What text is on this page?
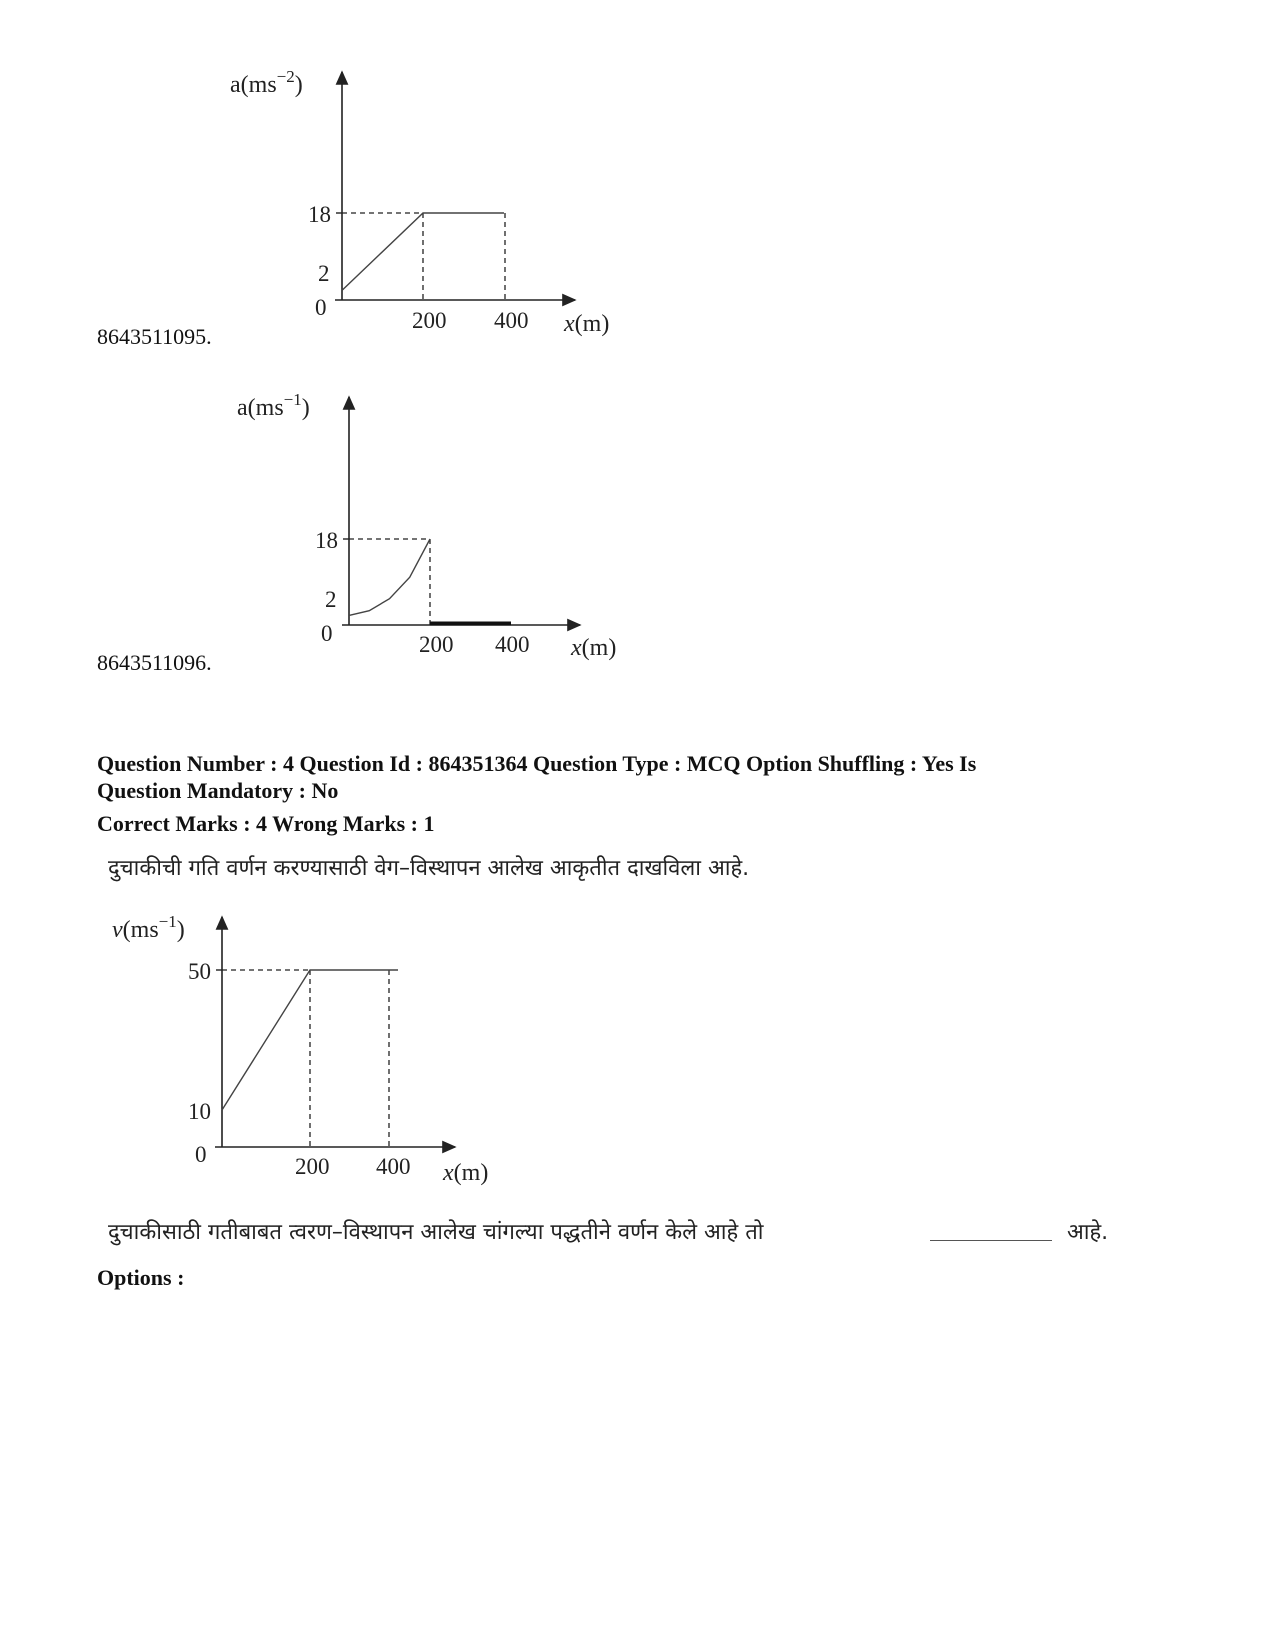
$a(ms^{-2})$
18
2
0
200 400 x(m)
8643511095.
$a(ms^{-1})$
18
2
0	200 400 x(m)
8643511096.
Question Number : 4 Question Id : 864351364 Question Type : MCQ Option Shuffling : Yes Is
Question Mandatory : No
Correct Marks : 4 Wrong Marks : 1
दुचाकीची गति वर्णन करण्यासाठी वेग–विस्थापन आलेख आकृतीत दाखविला आहे.
$v(ms^{-1})$
50
10
0	200 400 x(m)
दुचाकीसाठी गतीबाबत त्वरण–विस्थापन आलेख चांगल्या पद्धतीने वर्णन केले आहे तो	आहे.
Options :
